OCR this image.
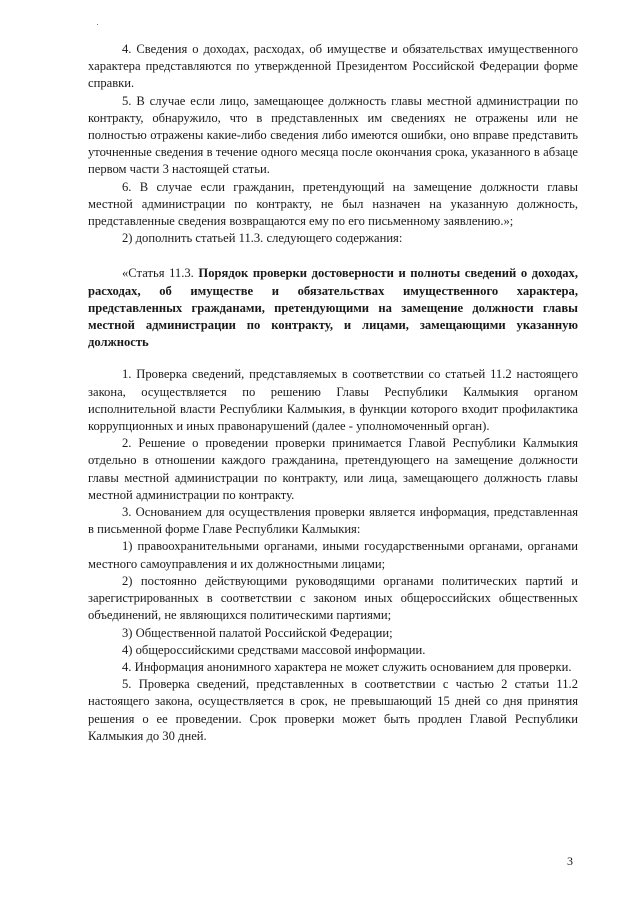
4. Сведения о доходах, расходах, об имуществе и обязательствах имущественного характера представляются по утвержденной Президентом Российской Федерации форме справки.

5. В случае если лицо, замещающее должность главы местной администрации по контракту, обнаружило, что в представленных им сведениях не отражены или не полностью отражены какие-либо сведения либо имеются ошибки, оно вправе представить уточненные сведения в течение одного месяца после окончания срока, указанного в абзаце первом части 3 настоящей статьи.

6. В случае если гражданин, претендующий на замещение должности главы местной администрации по контракту, не был назначен на указанную должность, представленные сведения возвращаются ему по его письменному заявлению.»;

2) дополнить статьей 11.3. следующего содержания:

«Статья 11.3. Порядок проверки достоверности и полноты сведений о доходах, расходах, об имуществе и обязательствах имущественного характера, представленных гражданами, претендующими на замещение должности главы местной администрации по контракту, и лицами, замещающими указанную должность

1. Проверка сведений, представляемых в соответствии со статьей 11.2 настоящего закона, осуществляется по решению Главы Республики Калмыкия органом исполнительной власти Республики Калмыкия, в функции которого входит профилактика коррупционных и иных правонарушений (далее - уполномоченный орган).

2. Решение о проведении проверки принимается Главой Республики Калмыкия отдельно в отношении каждого гражданина, претендующего на замещение должности главы местной администрации по контракту, или лица, замещающего должность главы местной администрации по контракту.

3. Основанием для осуществления проверки является информация, представленная в письменной форме Главе Республики Калмыкия:

1) правоохранительными органами, иными государственными органами, органами местного самоуправления и их должностными лицами;

2) постоянно действующими руководящими органами политических партий и зарегистрированных в соответствии с законом иных общероссийских общественных объединений, не являющихся политическими партиями;

3) Общественной палатой Российской Федерации;

4) общероссийскими средствами массовой информации.

4. Информация анонимного характера не может служить основанием для проверки.

5. Проверка сведений, представленных в соответствии с частью 2 статьи 11.2 настоящего закона, осуществляется в срок, не превышающий 15 дней со дня принятия решения о ее проведении. Срок проверки может быть продлен Главой Республики Калмыкия до 30 дней.

3
